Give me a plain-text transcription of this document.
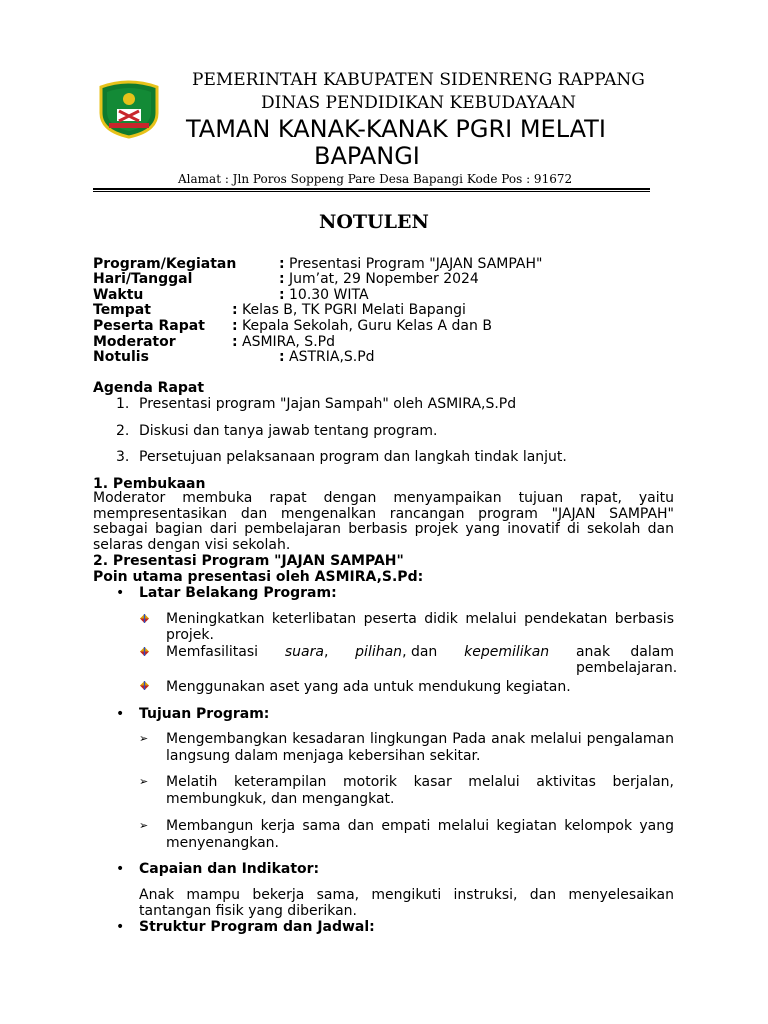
PEMERINTAH KABUPATEN SIDENRENG RAPPANG
DINAS PENDIDIKAN KEBUDAYAAN
TAMAN KANAK-KANAK PGRI MELATI
BAPANGI
Alamat : Jln Poros Soppeng Pare Desa Bapangi Kode Pos : 91672
NOTULEN
Program/Kegiatan	: Presentasi Program "JAJAN SAMPAH"
Hari/Tanggal	: Jum’at, 29 Nopember 2024
Waktu	: 10.30 WITA
Tempat	: Kelas B, TK PGRI Melati Bapangi
Peserta Rapat : Kepala Sekolah, Guru Kelas A dan B
Moderator	: ASMIRA, S.Pd
Notulis	: ASTRIA,S.Pd
Agenda Rapat
1. Presentasi program "Jajan Sampah" oleh ASMIRA,S.Pd
2. Diskusi dan tanya jawab tentang program.
3. Persetujuan pelaksanaan program dan langkah tindak lanjut.
1. Pembukaan
Moderator membuka rapat dengan menyampaikan tujuan rapat, yaitu mempresentasikan dan mengenalkan rancangan program "JAJAN SAMPAH" sebagai bagian dari pembelajaran berbasis projek yang inovatif di sekolah dan selaras dengan visi sekolah.
2. Presentasi Program "JAJAN SAMPAH"
Poin utama presentasi oleh ASMIRA,S.Pd:
• Latar Belakang Program:
Meningkatkan keterlibatan peserta didik melalui pendekatan berbasis projek.
Memfasilitasi suara, pilihan, dan kepemilikan anak dalam pembelajaran.
Menggunakan aset yang ada untuk mendukung kegiatan.
• Tujuan Program:
➢ Mengembangkan kesadaran lingkungan Pada anak melalui pengalaman langsung dalam menjaga kebersihan sekitar.
➢ Melatih keterampilan motorik kasar melalui aktivitas berjalan, membungkuk, dan mengangkat.
➢ Membangun kerja sama dan empati melalui kegiatan kelompok yang menyenangkan.
• Capaian dan Indikator:
Anak mampu bekerja sama, mengikuti instruksi, dan menyelesaikan tantangan fisik yang diberikan.
• Struktur Program dan Jadwal:
